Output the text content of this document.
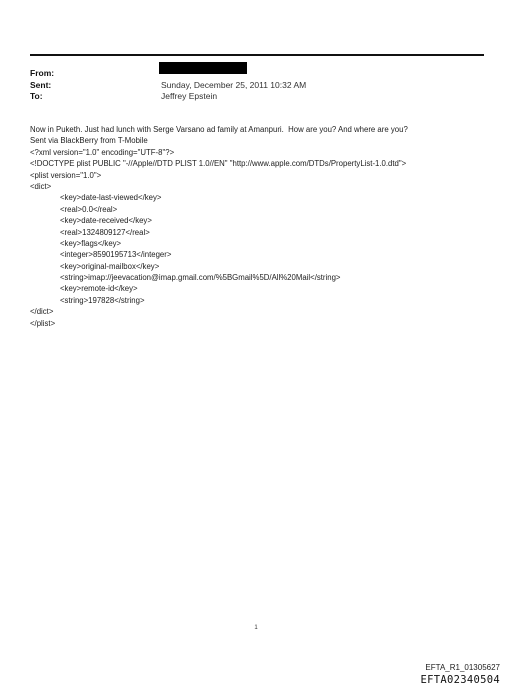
From:
Sent:	Sunday, December 25, 2011 10:32 AM
To:	Jeffrey Epstein
Now in Puketh. Just had lunch with Serge Varsano ad family at Amanpuri.  How are you? And where are you?
Sent via BlackBerry from T-Mobile
<?xml version="1.0" encoding="UTF-8"?>
<!DOCTYPE plist PUBLIC "-//Apple//DTD PLIST 1.0//EN" "http://www.apple.com/DTDs/PropertyList-1.0.dtd">
<plist version="1.0">
<dict>
<key>date-last-viewed</key>
<real>0.0</real>
<key>date-received</key>
<real>1324809127</real>
<key>flags</key>
<integer>8590195713</integer>
<key>original-mailbox</key>
<string>imap://jeevacation@imap.gmail.com/%5BGmail%5D/All%20Mail</string>
<key>remote-id</key>
<string>197828</string>
</dict>
</plist>
1
EFTA_R1_01305627
EFTA02340504
